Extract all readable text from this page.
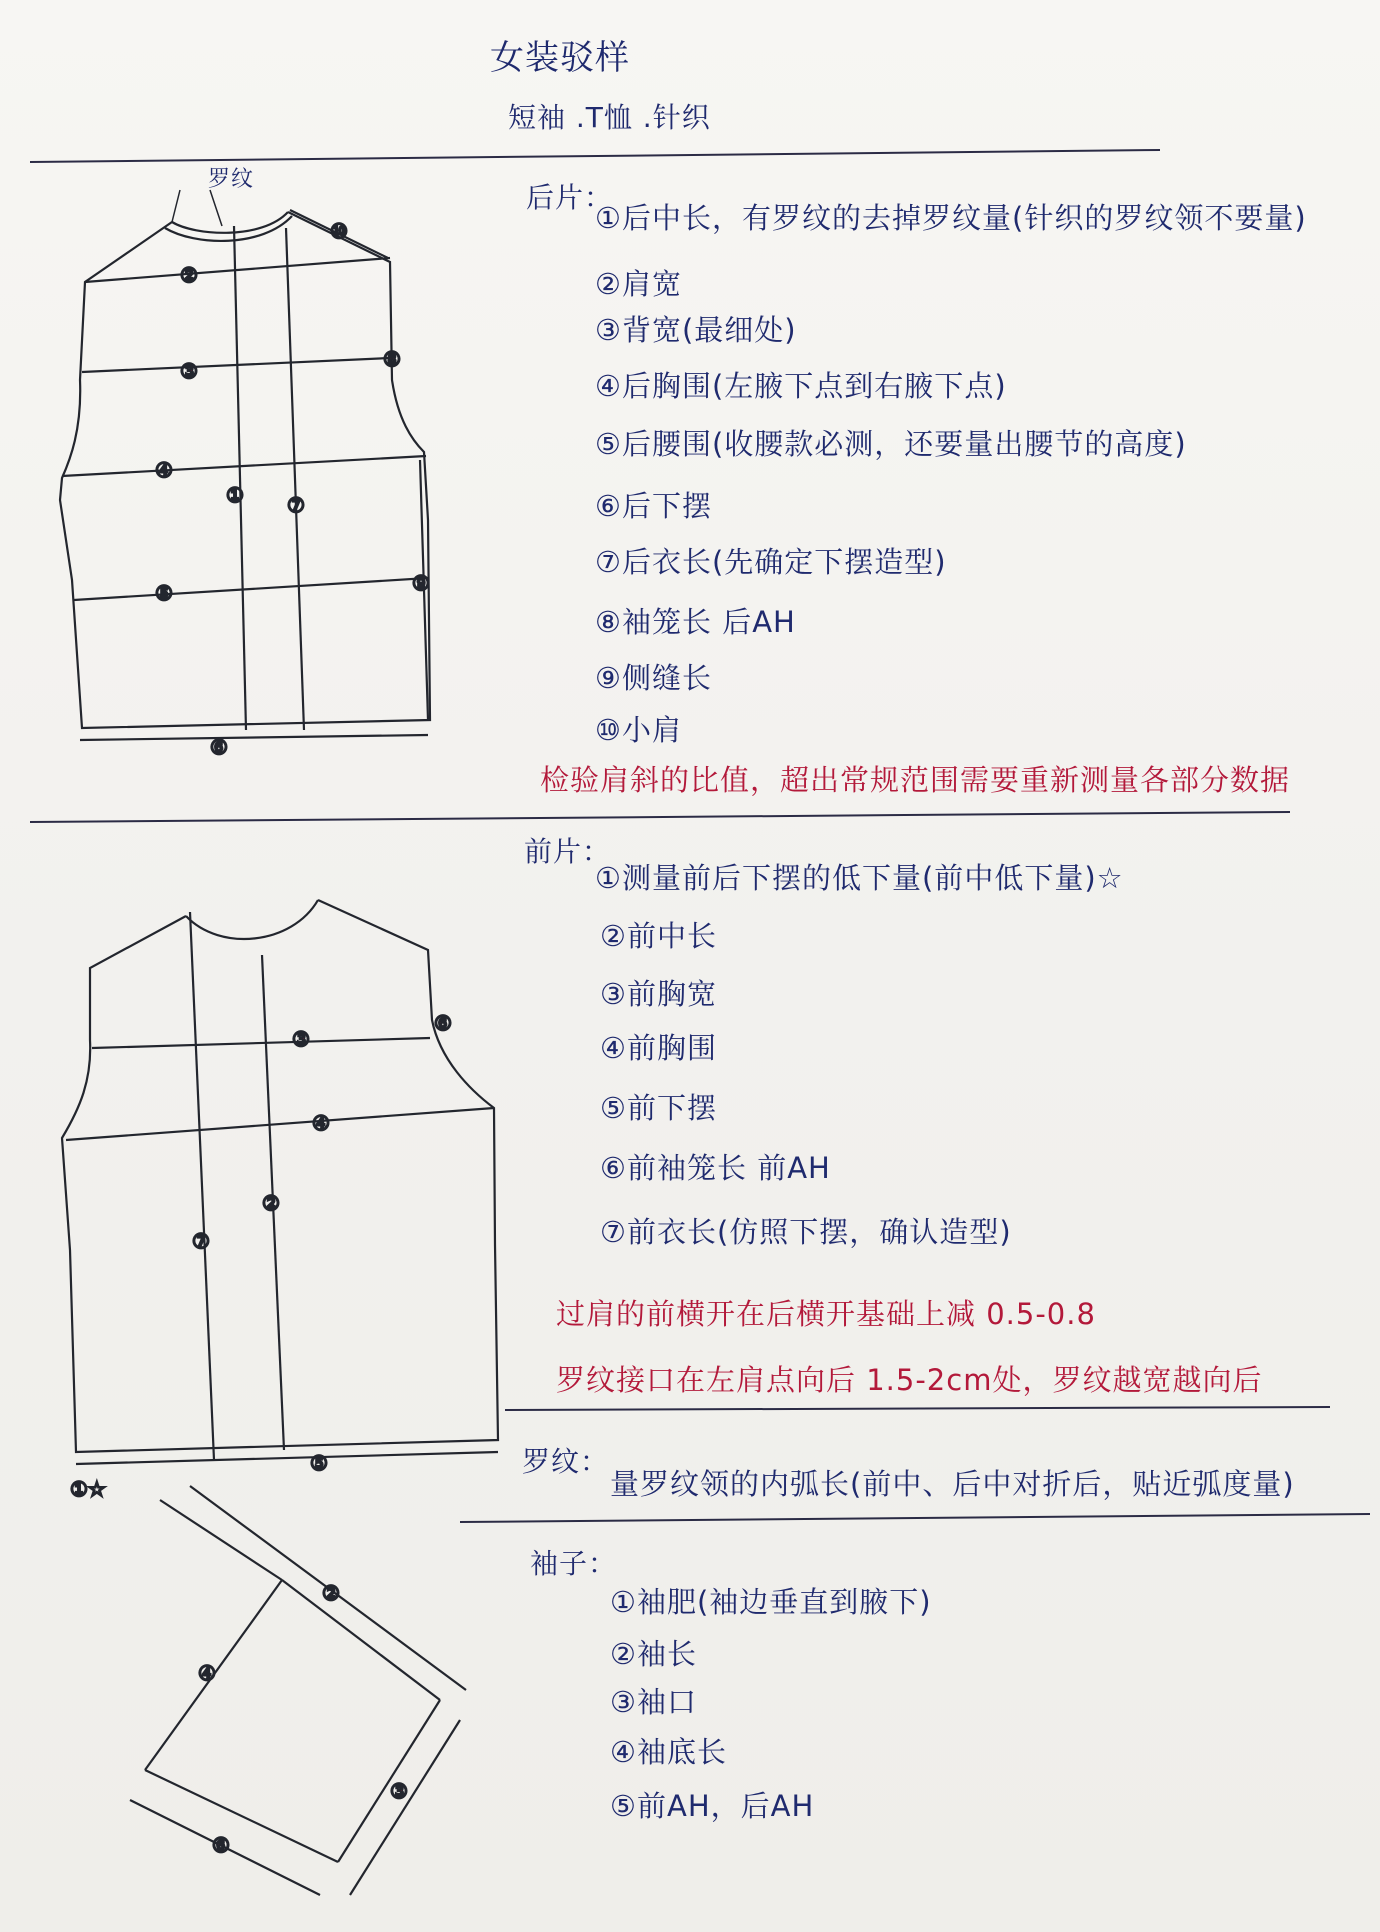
②
③	⑧
④
① ⑦
⑤	⑨
⑥
⑩
③
⑥
④
⑦
②
⑤
①☆
②
④
③
⑥
女装驳样
短袖 .T恤 .针织
罗纹
后片：
①后中长，有罗纹的去掉罗纹量(针织的罗纹领不要量)
②肩宽
③背宽(最细处)
④后胸围(左腋下点到右腋下点)
⑤后腰围(收腰款必测，还要量出腰节的高度)
⑥后下摆
⑦后衣长(先确定下摆造型)
⑧袖笼长 后AH
⑨侧缝长
⑩小肩
检验肩斜的比值，超出常规范围需要重新测量各部分数据
前片：
①测量前后下摆的低下量(前中低下量)☆
②前中长
③前胸宽
④前胸围
⑤前下摆
⑥前袖笼长 前AH
⑦前衣长(仿照下摆，确认造型)
过肩的前横开在后横开基础上减 0.5-0.8
罗纹接口在左肩点向后 1.5-2cm处，罗纹越宽越向后
罗纹：
量罗纹领的内弧长(前中、后中对折后，贴近弧度量)
袖子：
①袖肥(袖边垂直到腋下)
②袖长
③袖口
④袖底长
⑤前AH，后AH
